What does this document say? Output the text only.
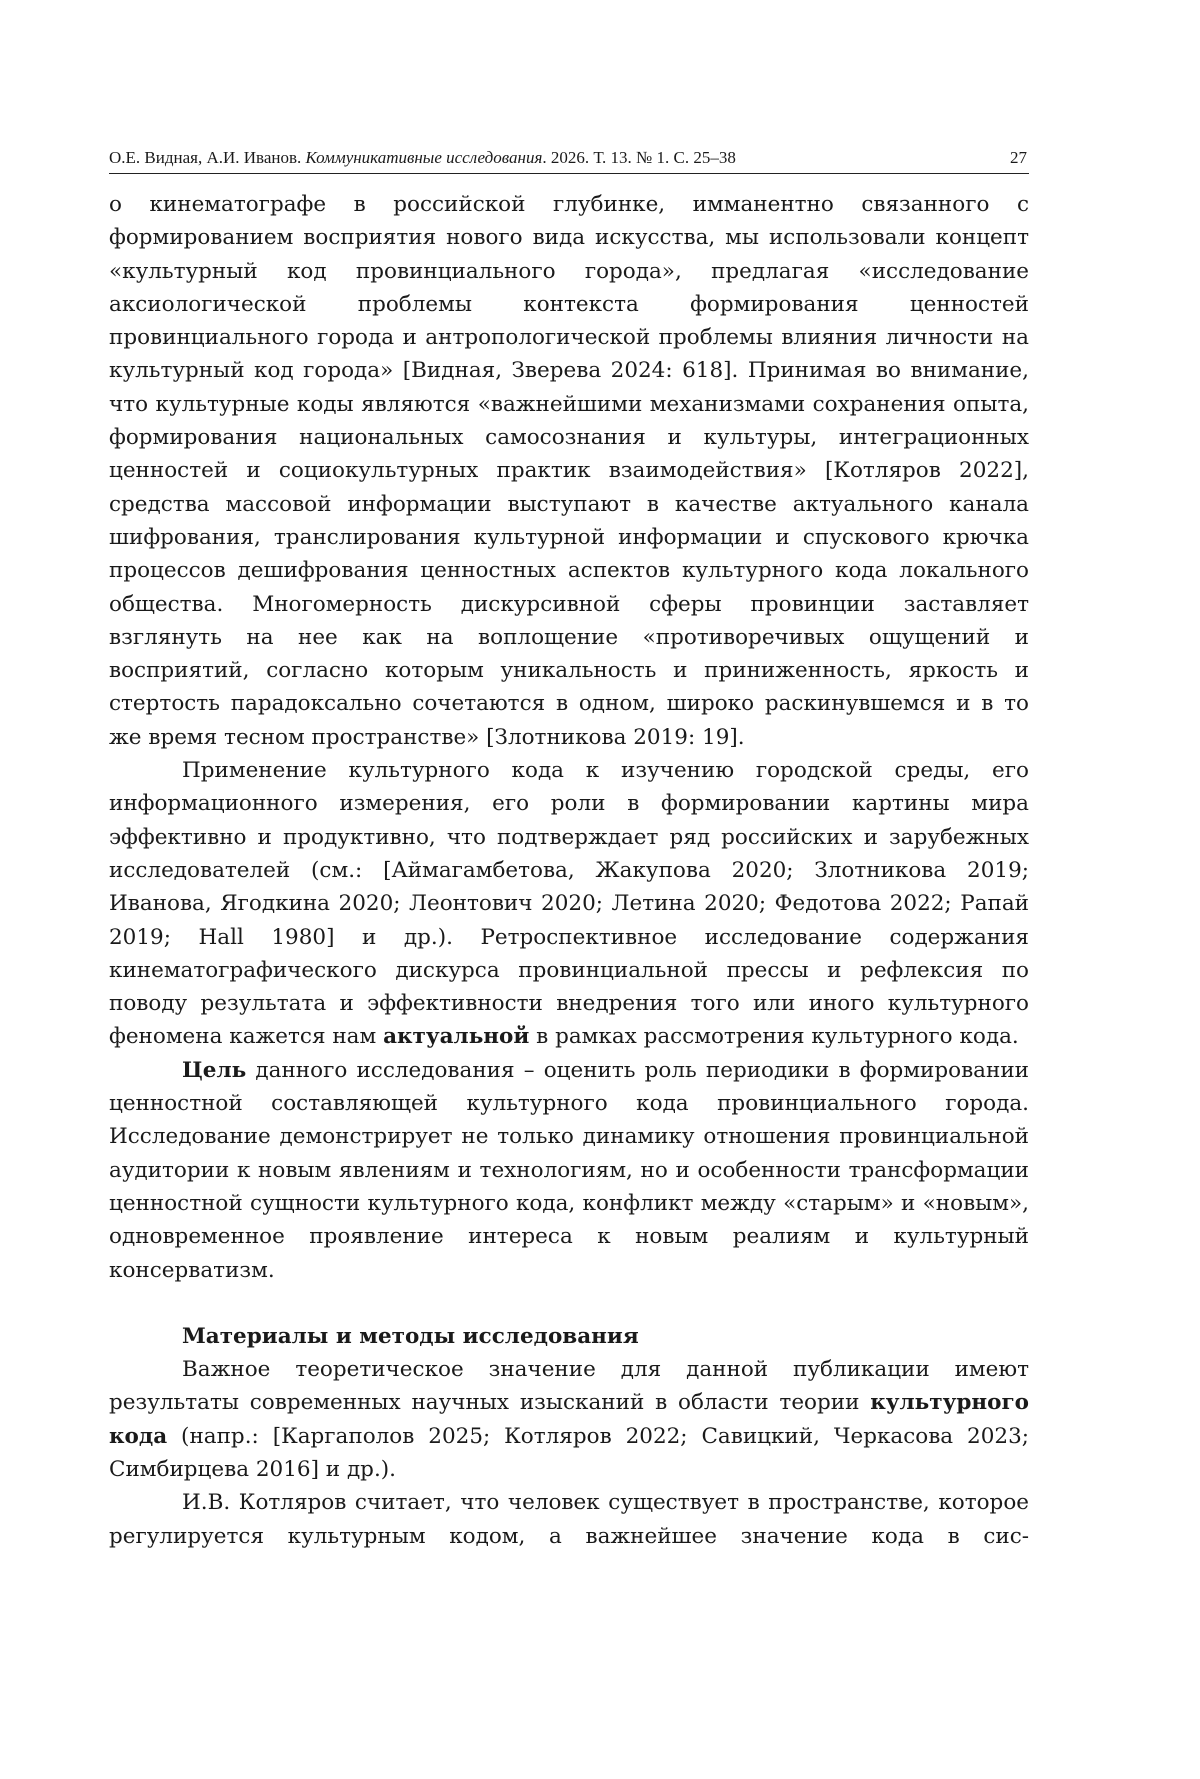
О.Е. Видная, А.И. Иванов. Коммуникативные исследования. 2026. Т. 13. № 1. С. 25–38	27

о кинематографе в российской глубинке, имманентно связанного с формированием восприятия нового вида искусства, мы использовали концепт «культурный код провинциального города», предлагая «исследование аксиологической проблемы контекста формирования ценностей провинциального города и антропологической проблемы влияния личности на культурный код города» [Видная, Зверева 2024: 618]. Принимая во внимание, что культурные коды являются «важнейшими механизмами сохранения опыта, формирования национальных самосознания и культуры, интеграционных ценностей и социокультурных практик взаимодействия» [Котляров 2022], средства массовой информации выступают в качестве актуального канала шифрования, транслирования культурной информации и спускового крючка процессов дешифрования ценностных аспектов культурного кода локального общества. Многомерность дискурсивной сферы провинции заставляет взглянуть на нее как на воплощение «противоречивых ощущений и восприятий, согласно которым уникальность и приниженность, яркость и стертость парадоксально сочетаются в одном, широко раскинувшемся и в то же время тесном пространстве» [Злотникова 2019: 19].

Применение культурного кода к изучению городской среды, его информационного измерения, его роли в формировании картины мира эффективно и продуктивно, что подтверждает ряд российских и зарубежных исследователей (см.: [Аймагамбетова, Жакупова 2020; Злотникова 2019; Иванова, Ягодкина 2020; Леонтович 2020; Летина 2020; Федотова 2022; Рапай 2019; Hall 1980] и др.). Ретроспективное исследование содержания кинематографического дискурса провинциальной прессы и рефлексия по поводу результата и эффективности внедрения того или иного культурного феномена кажется нам актуальной в рамках рассмотрения культурного кода.

Цель данного исследования – оценить роль периодики в формировании ценностной составляющей культурного кода провинциального города. Исследование демонстрирует не только динамику отношения провинциальной аудитории к новым явлениям и технологиям, но и особенности трансформации ценностной сущности культурного кода, конфликт между «старым» и «новым», одновременное проявление интереса к новым реалиям и культурный консерватизм.

Материалы и методы исследования

Важное теоретическое значение для данной публикации имеют результаты современных научных изысканий в области теории культурного кода (напр.: [Каргаполов 2025; Котляров 2022; Савицкий, Черкасова 2023; Симбирцева 2016] и др.).

И.В. Котляров считает, что человек существует в пространстве, которое регулируется культурным кодом, а важнейшее значение кода в сис-
